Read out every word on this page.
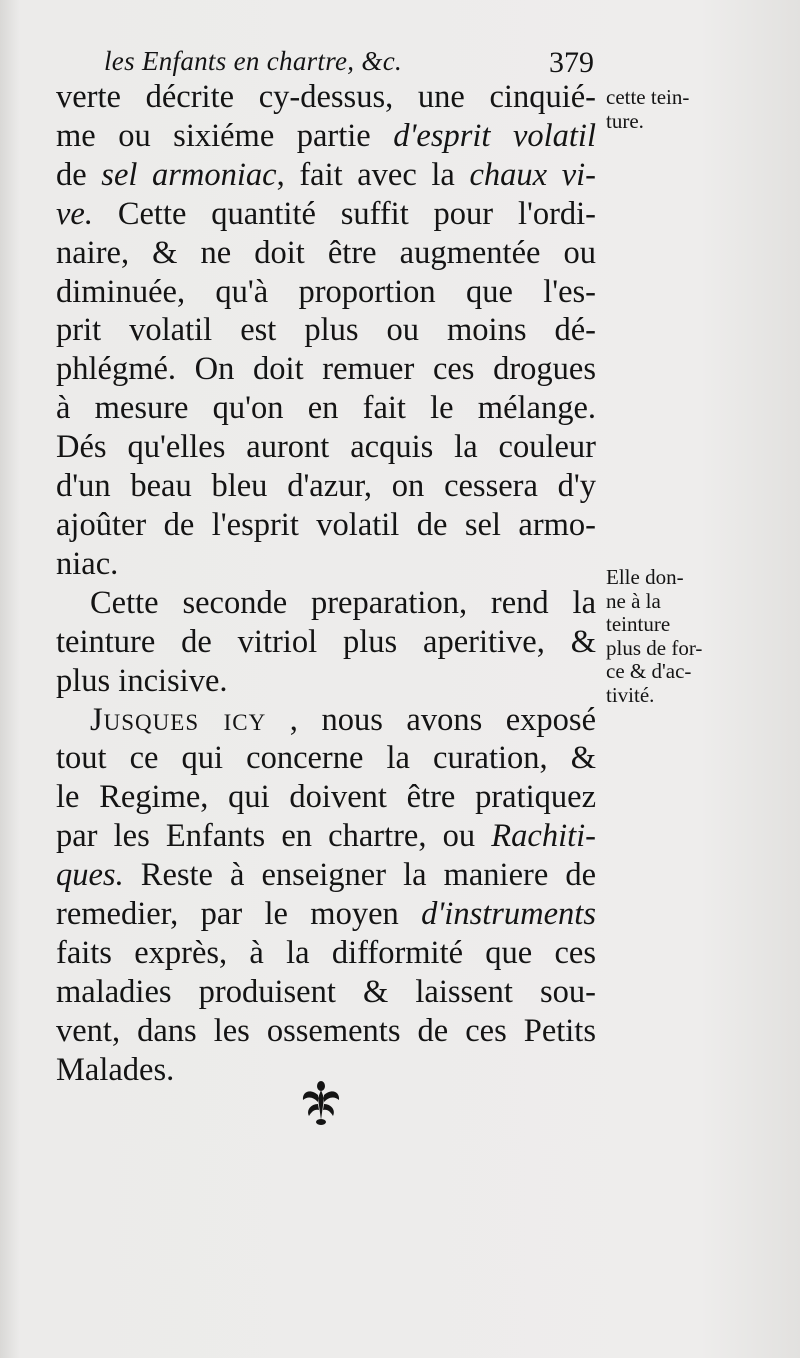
les Enfants en chartre, &c.	379
verte décrite cy-dessus, une cinquié-
me ou sixiéme partie d'esprit volatil
de sel armoniac, fait avec la chaux vi-
ve. Cette quantité suffit pour l'ordi-
naire, & ne doit être augmentée ou
diminuée, qu'à proportion que l'es-
prit volatil est plus ou moins dé-
phlégmé. On doit remuer ces drogues
à mesure qu'on en fait le mélange.
Dés qu'elles auront acquis la couleur
d'un beau bleu d'azur, on cessera d'y
ajoûter de l'esprit volatil de sel armo-
niac.
Cette seconde preparation, rend la
teinture de vitriol plus aperitive, &
plus incisive.
Jusques icy , nous avons exposé
tout ce qui concerne la curation, &
le Regime, qui doivent être pratiquez
par les Enfants en chartre, ou Rachiti-
ques. Reste à enseigner la maniere de
remedier, par le moyen d'instruments
faits exprès, à la difformité que ces
maladies produisent & laissent sou-
vent, dans les ossements de ces Petits
Malades.
cette tein-
ture.
Elle don-
ne à la
teinture
plus de for-
ce & d'ac-
tivité.
